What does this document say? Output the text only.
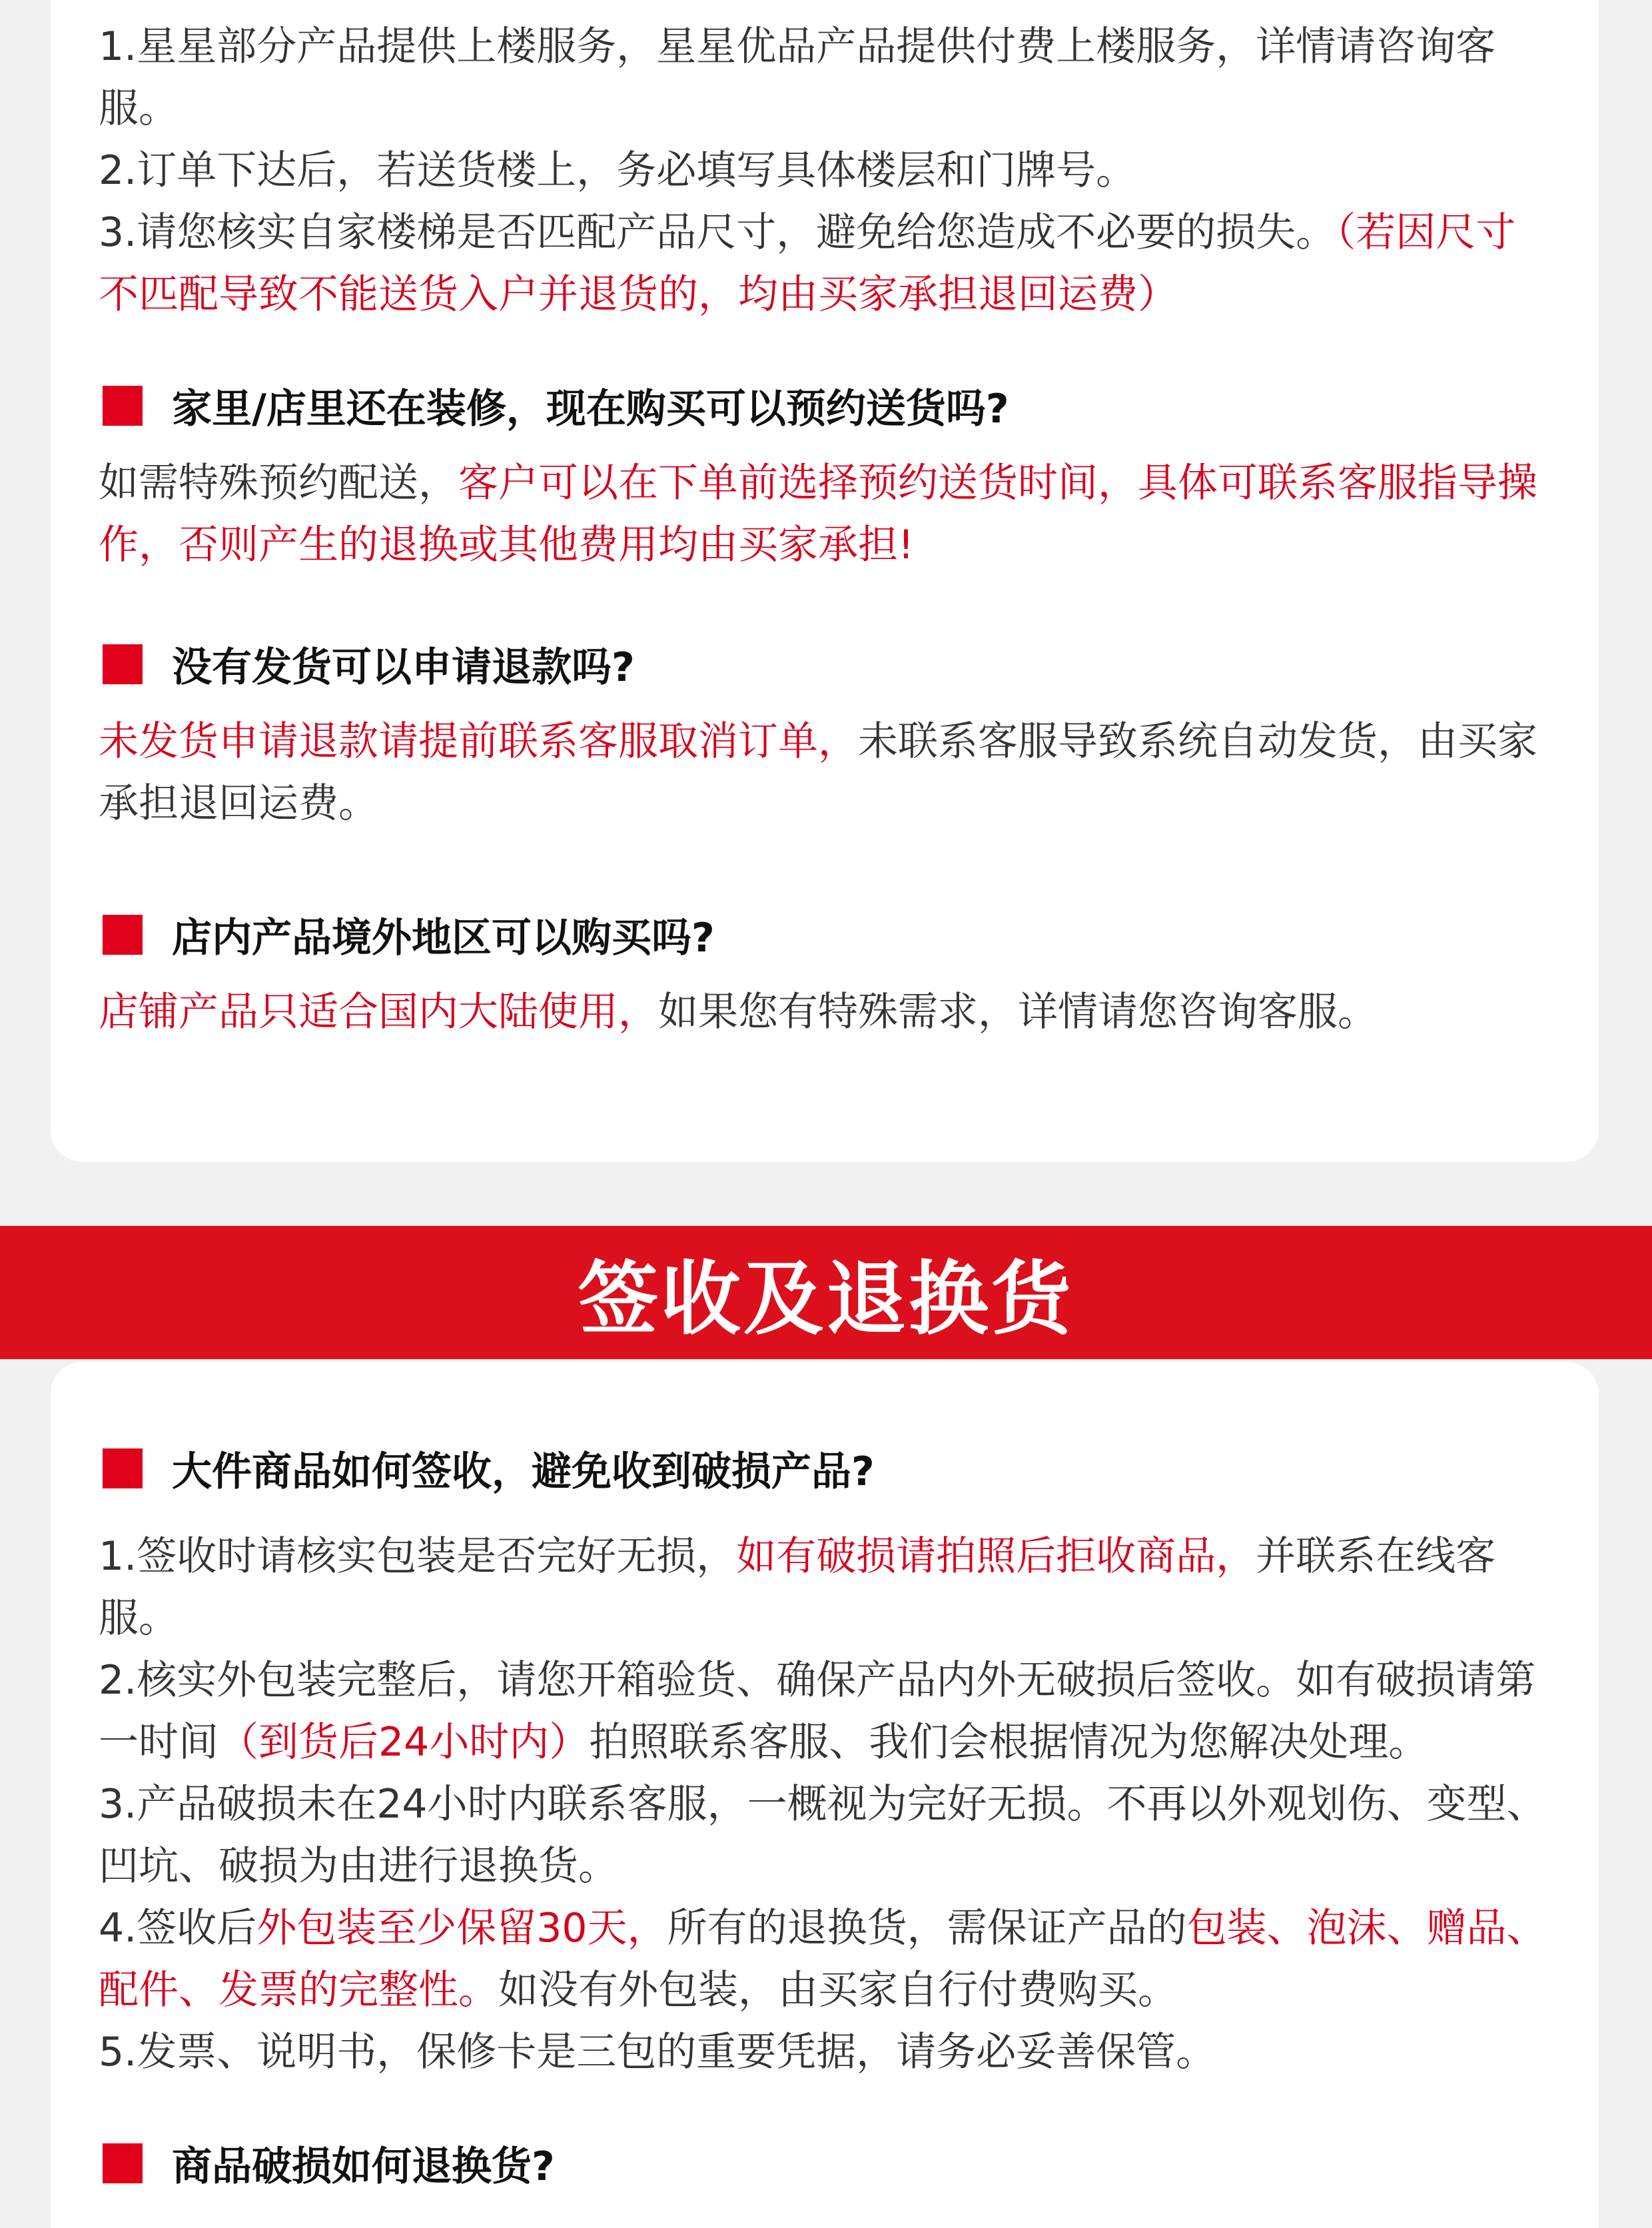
1.星星部分产品提供上楼服务，星星优品产品提供付费上楼服务，详情请咨询客服。

2.订单下达后，若送货楼上，务必填写具体楼层和门牌号。

3.请您核实自家楼梯是否匹配产品尺寸，避免给您造成不必要的损失。（若因尺寸不匹配导致不能送货入户并退货的，均由买家承担退回运费）

家里/店里还在装修，现在购买可以预约送货吗?

如需特殊预约配送，客户可以在下单前选择预约送货时间，具体可联系客服指导操作，否则产生的退换或其他费用均由买家承担!

没有发货可以申请退款吗?

未发货申请退款请提前联系客服取消订单，未联系客服导致系统自动发货，由买家承担退回运费。

店内产品境外地区可以购买吗?

店铺产品只适合国内大陆使用，如果您有特殊需求，详情请您咨询客服。

签收及退换货
大件商品如何签收，避免收到破损产品?

1.签收时请核实包装是否完好无损，如有破损请拍照后拒收商品，并联系在线客服。

2.核实外包装完整后，请您开箱验货、确保产品内外无破损后签收。如有破损请第一时间（到货后24小时内）拍照联系客服、我们会根据情况为您解决处理。

3.产品破损未在24小时内联系客服，一概视为完好无损。不再以外观划伤、变型、凹坑、破损为由进行退换货。

4.签收后外包装至少保留30天，所有的退换货，需保证产品的包装、泡沫、赠品、配件、发票的完整性。如没有外包装，由买家自行付费购买。

5.发票、说明书，保修卡是三包的重要凭据，请务必妥善保管。

商品破损如何退换货?
